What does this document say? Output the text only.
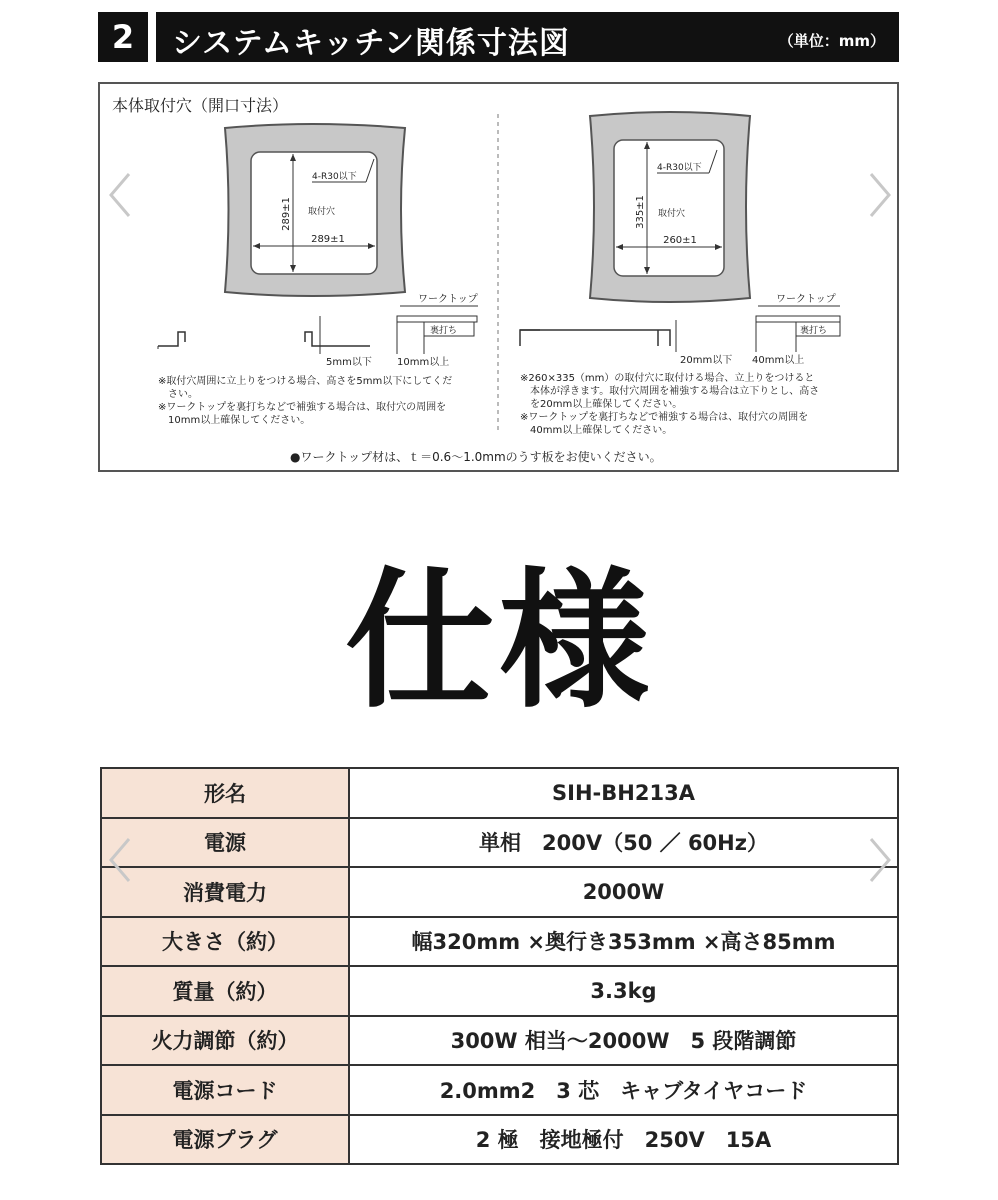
2	システムキッチン関係寸法図	（単位：mm）
本体取付穴（開口寸法）
289±1
289±1
取付穴
4-R30以下
5mm以下
ワークトップ
裏打ち
10mm以上
※取付穴周囲に立上りをつける場合、高さを5mm以下にしてくだ
　さい。
※ワークトップを裏打ちなどで補強する場合は、取付穴の周囲を
　10mm以上確保してください。
335±1
260±1
取付穴
4-R30以下
20mm以下
ワークトップ
裏打ち
40mm以上
※260×335（mm）の取付穴に取付ける場合、立上りをつけると
　本体が浮きます。取付穴周囲を補強する場合は立下りとし、高さ
　を20mm以上確保してください。
※ワークトップを裏打ちなどで補強する場合は、取付穴の周囲を
　40mm以上確保してください。
●ワークトップ材は、ｔ＝0.6～1.0mmのうす板をお使いください。
仕様
形名	SIH-BH213A
電源	単相　200V（50 ／ 60Hz）
消費電力	2000W
大きさ（約）	幅320mm ×奥行き353mm ×高さ85mm
質量（約）	3.3kg
火力調節（約）	300W 相当～2000W　5 段階調節
電源コード	2.0mm2　3 芯　キャブタイヤコード
電源プラグ	2 極　接地極付　250V　15A
